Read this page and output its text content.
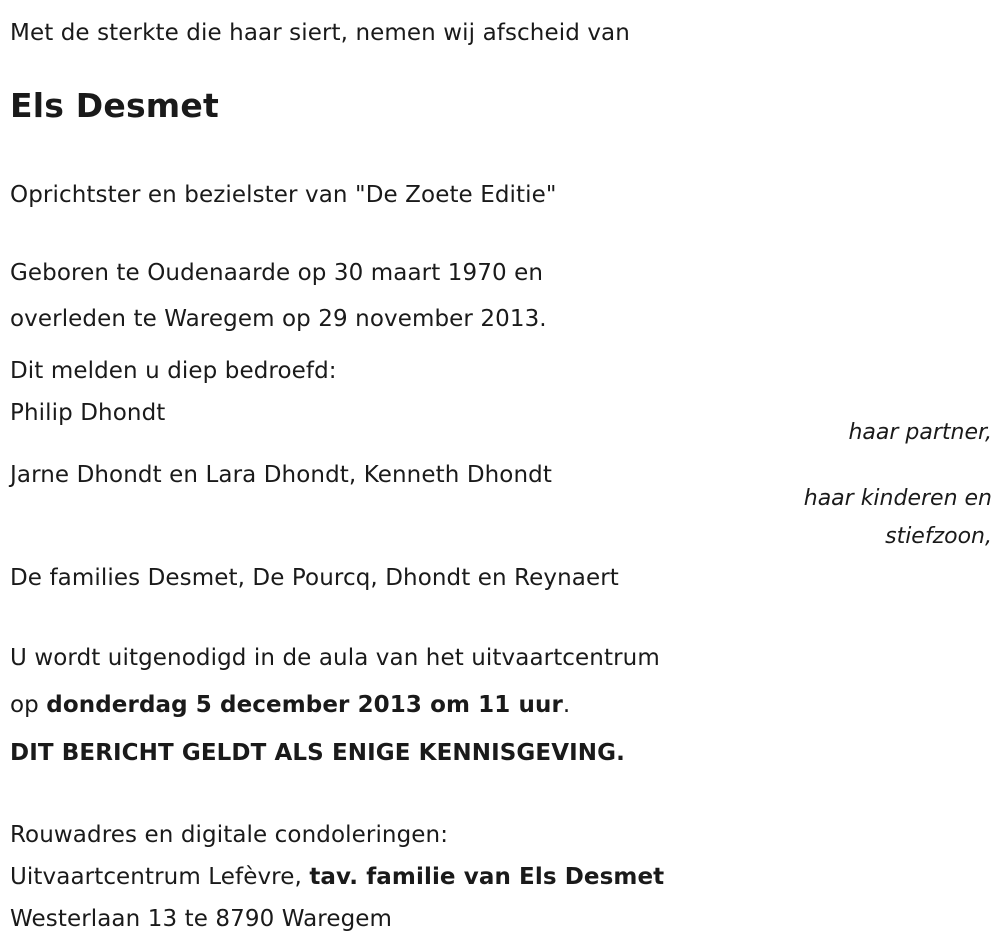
Met de sterkte die haar siert, nemen wij afscheid van
Els Desmet
Oprichtster en bezielster van "De Zoete Editie"
Geboren te Oudenaarde op 30 maart 1970 en
overleden te Waregem op 29 november 2013.
Dit melden u diep bedroefd:
Philip Dhondt
haar partner,
Jarne Dhondt en Lara Dhondt, Kenneth Dhondt
haar kinderen en
stiefzoon,
De families Desmet, De Pourcq, Dhondt en Reynaert
U wordt uitgenodigd in de aula van het uitvaartcentrum
op donderdag 5 december 2013 om 11 uur.
DIT BERICHT GELDT ALS ENIGE KENNISGEVING.
Rouwadres en digitale condoleringen:
Uitvaartcentrum Lefèvre, tav. familie van Els Desmet
Westerlaan 13 te 8790 Waregem
